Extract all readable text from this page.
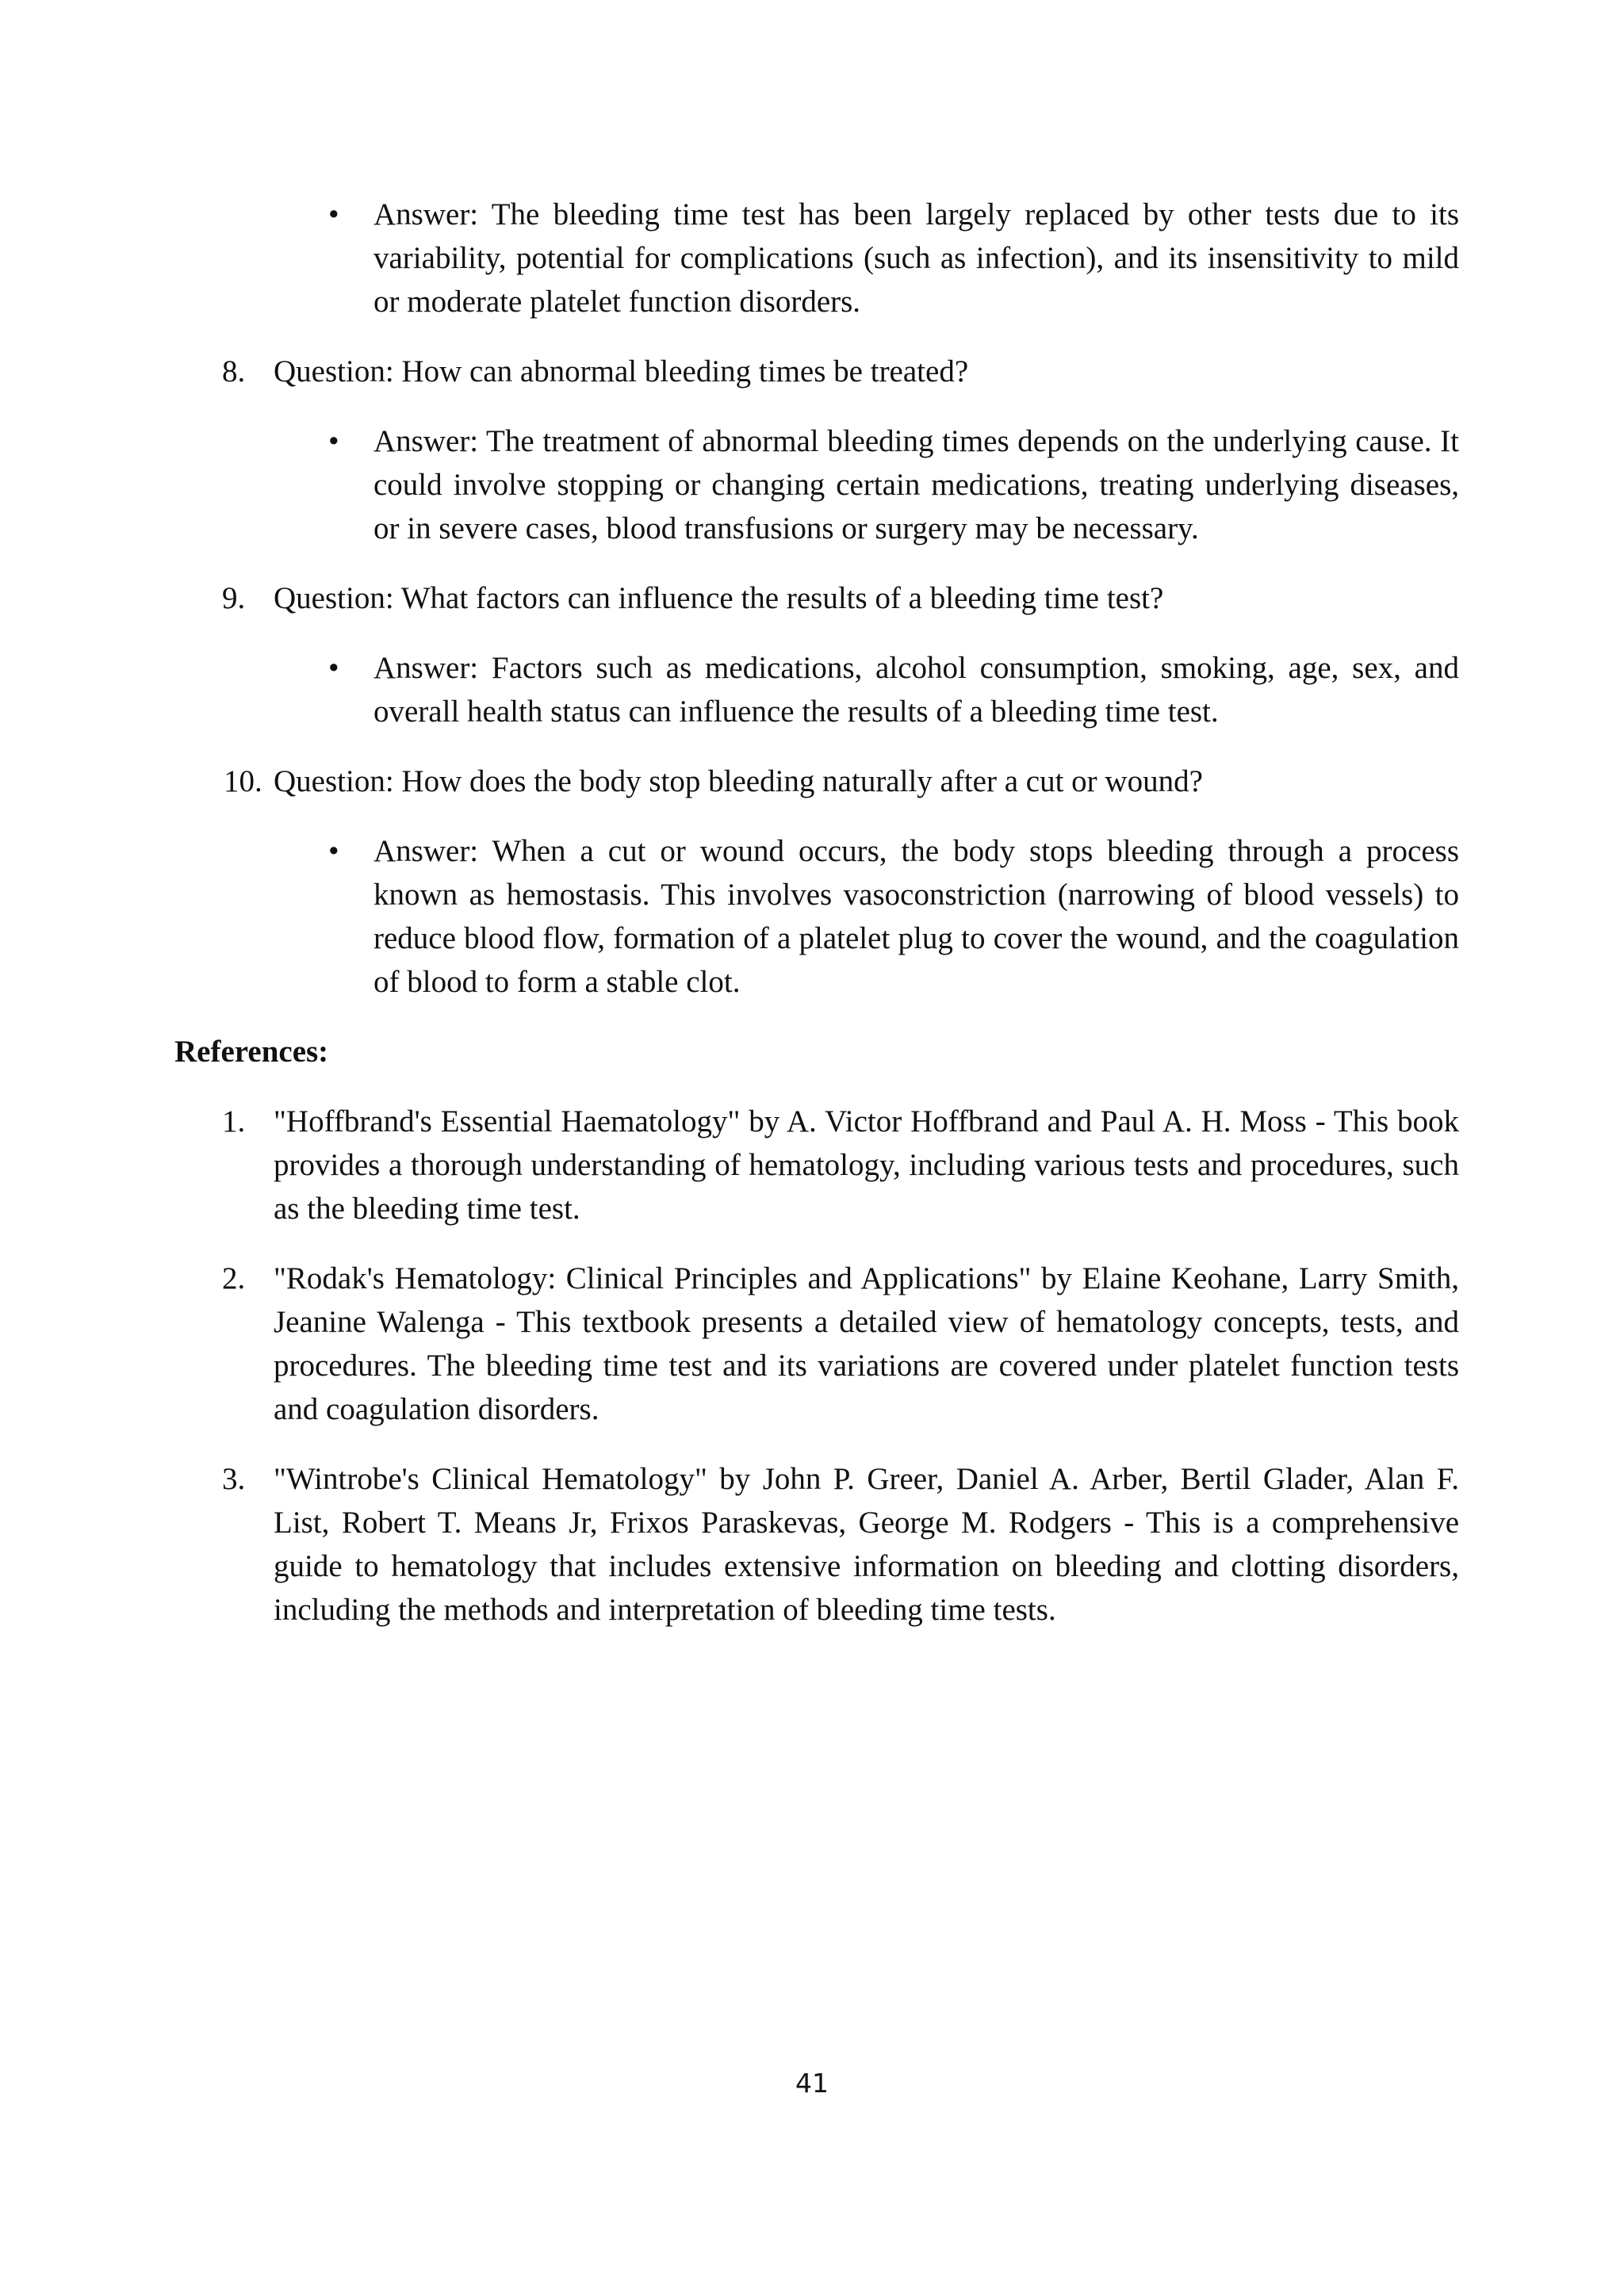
• Answer: The bleeding time test has been largely replaced by other tests due to its variability, potential for complications (such as infection), and its insensitivity to mild or moderate platelet function disorders.
8. Question: How can abnormal bleeding times be treated?
• Answer: The treatment of abnormal bleeding times depends on the underlying cause. It could involve stopping or changing certain medications, treating underlying diseases, or in severe cases, blood transfusions or surgery may be necessary.
9. Question: What factors can influence the results of a bleeding time test?
• Answer: Factors such as medications, alcohol consumption, smoking, age, sex, and overall health status can influence the results of a bleeding time test.
10. Question: How does the body stop bleeding naturally after a cut or wound?
• Answer: When a cut or wound occurs, the body stops bleeding through a process known as hemostasis. This involves vasoconstriction (narrowing of blood vessels) to reduce blood flow, formation of a platelet plug to cover the wound, and the coagulation of blood to form a stable clot.
References:
1. "Hoffbrand's Essential Haematology" by A. Victor Hoffbrand and Paul A. H. Moss - This book provides a thorough understanding of hematology, including various tests and procedures, such as the bleeding time test.
2. "Rodak's Hematology: Clinical Principles and Applications" by Elaine Keohane, Larry Smith, Jeanine Walenga - This textbook presents a detailed view of hematology concepts, tests, and procedures. The bleeding time test and its variations are covered under platelet function tests and coagulation disorders.
3. "Wintrobe's Clinical Hematology" by John P. Greer, Daniel A. Arber, Bertil Glader, Alan F. List, Robert T. Means Jr, Frixos Paraskevas, George M. Rodgers - This is a comprehensive guide to hematology that includes extensive information on bleeding and clotting disorders, including the methods and interpretation of bleeding time tests.
41
